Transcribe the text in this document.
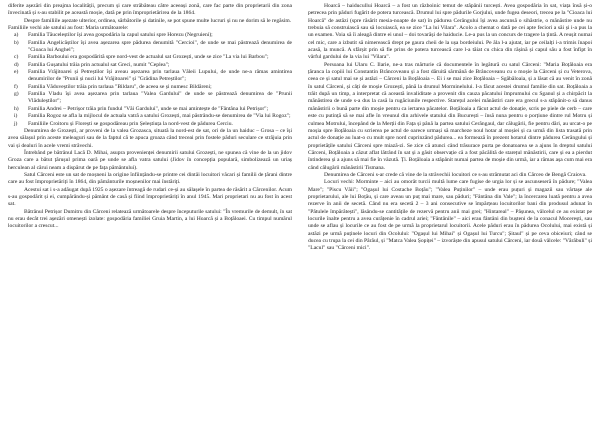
diferite așezări din preajma localității, precum și care străbăteau către aceeași zonă, care fac parte din proprietarii din zona învecinată și s-au stabilit pe această moșie, dată pe prin împroprietărirea de la 1864.

Despre familiile așezate ulterior, ordinea, sărbătorile și datinile, se pot spune multe lucruri și nu ne dorim să le regăsim.

Familiile vechi ale satului au fost: Maria următoarele:

a)	Familia Tăuceleștilor își avea gospodăria la capul satului spre Horezu (Negruieni);
b)	Familia Angelicăștilor își avea așezarea spre pădurea denumită "Cercioi", de unde se mai păstrează denumirea de "Cioaca lui Anghel";
c)	Familia Barboului era gospodărită spre nord-vest de actualul sat Grozești, unde se zice "La via lui Barbou";
d)	Familia Gușatului trăia prin actualul sat Greci, numit "Ceplea";
e)	Familia Vrăjitoarei și Petreștilor își aveau așezarea prin tarlaua Văleii Lupului, de unde ne-a rămas amintirea denumirilor de "Prunii și nucii lui Vrăjitoarei" și "Grădina Petreștilor";
f)	Familia Văduveștilor trăia prin tarlaua "Bildaru", de aceea se și numesc Bildăreni;
g)	Familia Vladu își avea așezarea prin tarlaua "Valea Gardului" de unde se păstrează denumirea de "Prunii Vlăduleștilor";
h)	Familia Andrei – Petrișor trăia prin fundul "Văi Gardului", unde se mai amintește de "Fântâna lui Petrișor";
i)	Familia Rogoz se afla la mijlocul de actuala vatră a satului Grozești, mai păstrându-se denumirea de "Via lui Rogoz";
j)	Familiile Croitoru și Florești se gospodăreau prin Șeleștiuța la nord-vest de pădurea Cerciu.

Denumirea de Grozești, ar proveni de la valea Grozasca, situată la nord-est de sat, ori de la un haiduc – Grosa – ce își avea sălașul prin aceste meleaguri sau de la faptul că te apuca groaza când treceai prin fostele păduri seculare ce străjuia prin vai și dealuri în acele vremi străvechi.

Întrebând pe bătrânul Lacă D. Mihai, asupra provenienței denumirii satului Grozești, ne spunea că vine de la un jidov Groza care a bătut țărușul prima oară pe unde se afla vatra satului (Jidov în concepția populară, simbolizează un uriaș herculean al cărui neam a dispărut de pe fața pământului).

Satul Cărceni este un sat de moșneni la origine înființându-se printre cei dintâi locuitori văcari și familii de țărani dintre care au fost împroprietăriți în 1864, din pământurile moșnenilor mai înstăriți.

Acestui sat i s-a adăugat după 1925 o așezare întreagă de rudari ce-și au sălașele în partea de răsărit a Cărcenilor. Acum s-au gospodărit și ei, cumpărându-și pământ de casă și fiind împroprietăriți în anul 1945. Mari proprietari nu au fost în acest sat.

Bătrânul Petrișor Dumitru din Cărceni relatează următoarele despre începuturile satului: "În vremurile de demult, în sat nu erau decât trei așezări omenești izolate: gospodăria familiei Gruia Martin, a lui Hoarcă și a Boțăloaei. Cu timpul numărul locuitorilor a crescut...

Hoarcă – haiducullui Hoarcă – a fost un războinic temut de stăpânii turcești. Avea gospodăria în sat, viața însă și-o petrecea prin păduri fugărit de potera turcească. Drumul lui spre pădurile Gorjului, unde fugea deseori, trecea pe la "Cioaca lui Hoarcă" de astăzi (spre răsărit mesia-noapte de sat) în pădurea Cerăngului își avea ascunsă o sihăstrie, o mănăstire unde nu trebuia să construiască sau să locuiască, ea se zice "La lui Vilara". Acolo a chemat o dată pe cei apte feciori a săi și i-a pus la un examen. Voia să îi aleagă dintre ei unul – doi tovarăși de haiducie. Le-a pus la un concurs de tragere la țintă. A reușit numai cel mic, care a izbutit să nimerească drept pe gaura cheii de la ușa bordeiului. Pe ăla l-a ajutat, iar pe ceilalți i-a trimis înapoi acasă, la muncă. A sfârșit prin să fie prins de potera turcească care l-a tăiat cu chica din rășină și capul său a fost înfipt în vârful gardului de la via lui "Vilara".

Persoana lui Ularu C. Ilarie, ne-a tras mărturie că documentele în legătură cu satul Cărceni: "Maria Boțăloaia era țăranca la copiii lui Constantin Brâncoveanu și a fost dăruită sărmănă de Brâncoveanu cu o moșie la Cărceni și cu Veterova, ceea ce și satul mai se și astăzi – Cărceni la Boțăloaia –. Ei i se mai zice Boțăloaia – Sgăbăloaia, și a lăsat că au venit în zonă în satul Cărceni, și câți de moșie Grozești, până la drumul Morminelului. I-a făcut acestei drumul familie din sat. Boțăloaia a trăit după un timp, a interpretat că această invaliditate a provenit din cauza păcatului împrumului cu Sganul și a chirpăcit la mănăstirea de unde s-a dus la casă la rugăciunile respective. Starețul acelei mănăstiri care era grecul s-a stăpânit-o să danus mănăstirii o bună parte din moșie pentru ca iertarea păcatelor. Boțăloaia a făcut actul de donație, scris pe piele de cerb – care este cu putință să se mai afle în vreunul din arhivele statului din București – însă nuna pentru o porțiune dintre rul Motru și culmea Motrului, începând de la Merții din Fața și până la partea satului Cerăngaul, dar călugării, fie pentru dări, au urcat-o pe moșia spre Boțăloaia cu scrierea pe actul de oarece urmași să marcheze noul hotar al moșiei și ca urmă din lista trasată prin actul de donație au luat-o cu mult spre nord cuprinzând pădurea... ea formează în prezent hotarul dintre pădurea Cerăngului și proprietățile satului Cărceni spre miază-zi. Se zice că atunci când trăsurace purta pe donatoarea se a ajuns în dreptul satului Cărceni, Boțăloaia a căzut aflat lătrând în sat și a găsit observație că a fost păcălită de starețul mănăstirii, care și ea a pierdut întinderea și a ajuns să mai fie în văzută. Ți. Boțăloaia a stăpânit numai partea de moșie din urmă, iar a rămas așa cum mai era când călugării mănăstirii Tismana.

Denumirea de Cărceni s-ar crede că vine de la străvechii locuitori ce s-au strămutat aci din Cărceo de Bengă Craiova.

Locuri vechi: Morminte – aici au omorât turcii multă lume care fugise de urgia lor și se ascunseseră în pădure; "Valea Mare"; "Piscu Văii"; "Ogașul lui Costache Boțău"; "Valea Puținilor" – unde erau puțuri și magazii sau vârtașe ale proprietarului, ale lui Boțău, și care aveau un puț mai mare, sau păduri; "Fântâna din Vale"; la încercarea luată pentru a avea rezerve în anii de secetă. Când nu era secetă 2 – 3 ani consecutive se împărțeau locuitorilor bani din produsul adunat în "Pătulele împărătești", lăsându-se cantitățile de rezervă pentru anii mai grei; "Hintareal" – Pășunea, vâlcelul ce au existat pe locurile înalte pentru a avea curățenie în cadrul ariei; "Fântânile" – aici erau fântâni din bușteni de la conacul Mocerești, sau unde se aflau și locurile ce au fost de pe urmă la proprietarul locuitorii. Acele păduri erau în pădurea Ocolului, mai există și astăzi pe urmă puținele locuri din Ocolului: "Ogașul lui Mihai" și Ogașul lui Turcu"; Șitaul" și pe ceva obiceiuri; când se ducea cu trupa la cei din Pârăul, și "Matca Valea Șopiței" – izvorâște din apusul satului Cărceni, iar două vâlcele: "Vărăbuli" și "Lacul" sau "Cărceni mici".
